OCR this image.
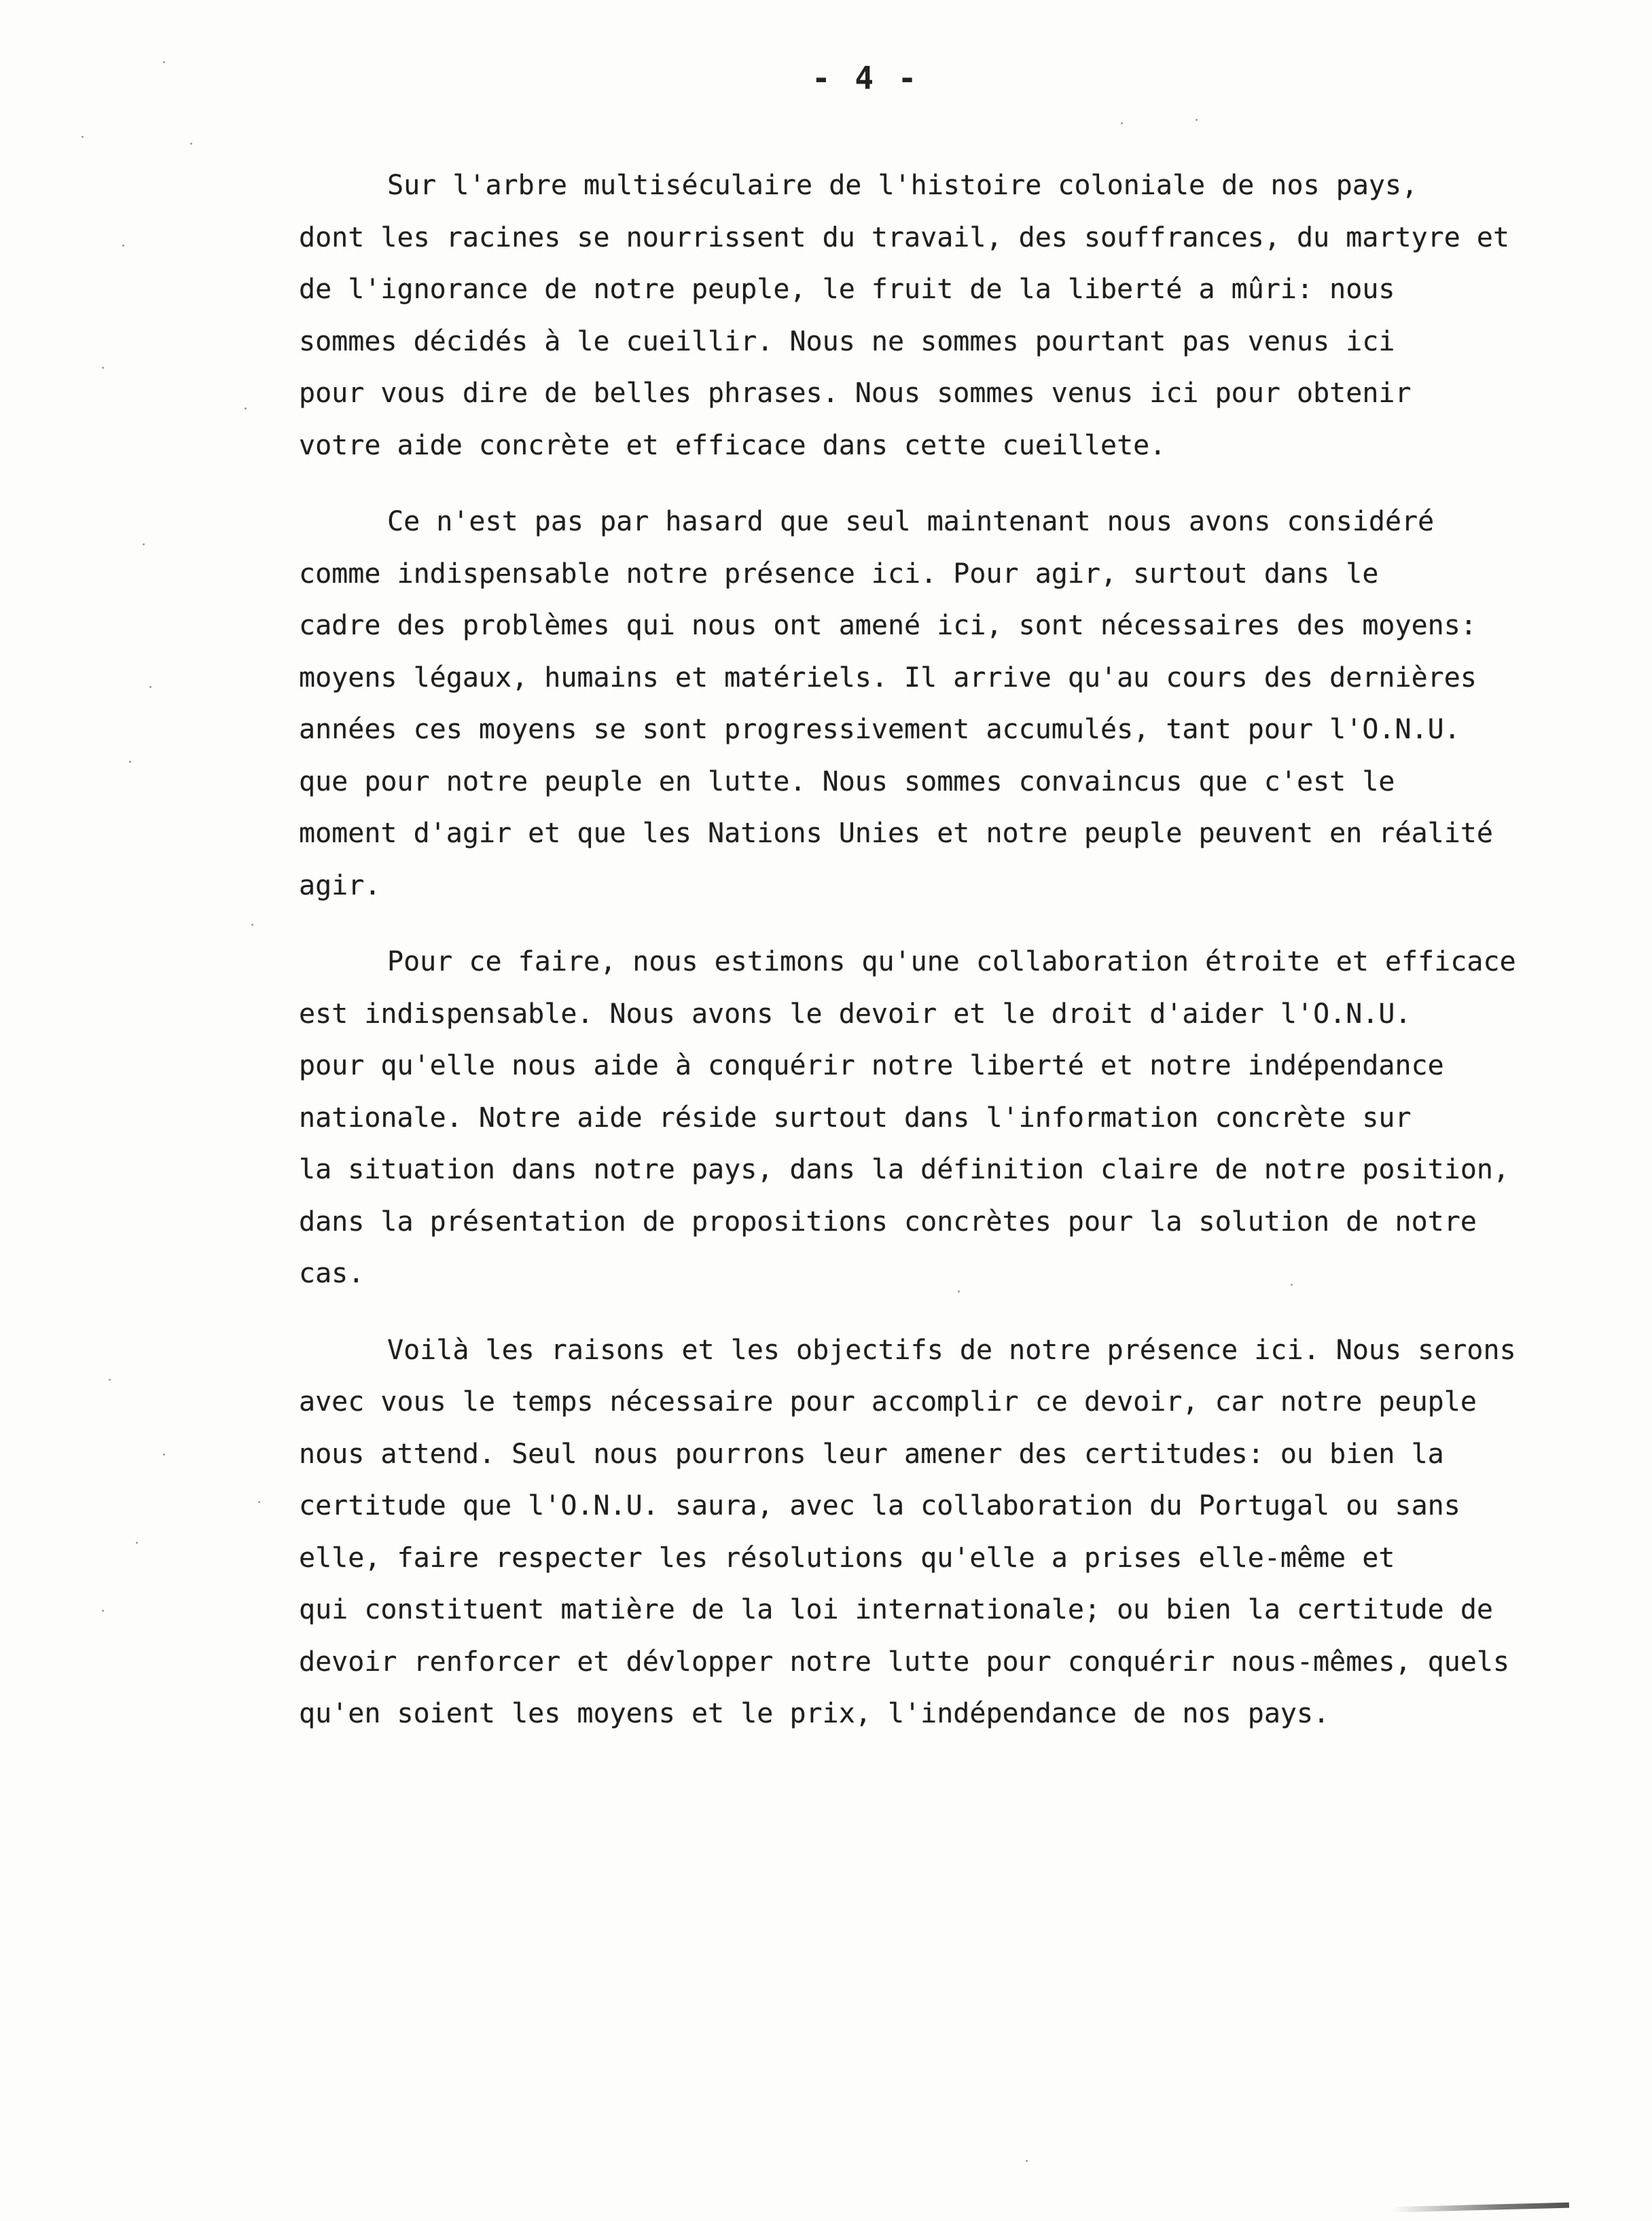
- 4 -
Sur l'arbre multiséculaire de l'histoire coloniale de nos pays,
dont les racines se nourrissent du travail, des souffrances, du martyre et
de l'ignorance de notre peuple, le fruit de la liberté a mûri: nous
sommes décidés à le cueillir. Nous ne sommes pourtant pas venus ici
pour vous dire de belles phrases. Nous sommes venus ici pour obtenir
votre aide concrète et efficace dans cette cueillete.
Ce n'est pas par hasard que seul maintenant nous avons considéré
comme indispensable notre présence ici. Pour agir, surtout dans le
cadre des problèmes qui nous ont amené ici, sont nécessaires des moyens:
moyens légaux, humains et matériels. Il arrive qu'au cours des dernières
années ces moyens se sont progressivement accumulés, tant pour l'O.N.U.
que pour notre peuple en lutte. Nous sommes convaincus que c'est le
moment d'agir et que les Nations Unies et notre peuple peuvent en réalité
agir.
Pour ce faire, nous estimons qu'une collaboration étroite et efficace
est indispensable. Nous avons le devoir et le droit d'aider l'O.N.U.
pour qu'elle nous aide à conquérir notre liberté et notre indépendance
nationale. Notre aide réside surtout dans l'information concrète sur
la situation dans notre pays, dans la définition claire de notre position,
dans la présentation de propositions concrètes pour la solution de notre
cas.
Voilà les raisons et les objectifs de notre présence ici. Nous serons
avec vous le temps nécessaire pour accomplir ce devoir, car notre peuple
nous attend. Seul nous pourrons leur amener des certitudes: ou bien la
certitude que l'O.N.U. saura, avec la collaboration du Portugal ou sans
elle, faire respecter les résolutions qu'elle a prises elle-même et
qui constituent matière de la loi internationale; ou bien la certitude de
devoir renforcer et dévlopper notre lutte pour conquérir nous-mêmes, quels
qu'en soient les moyens et le prix, l'indépendance de nos pays.
